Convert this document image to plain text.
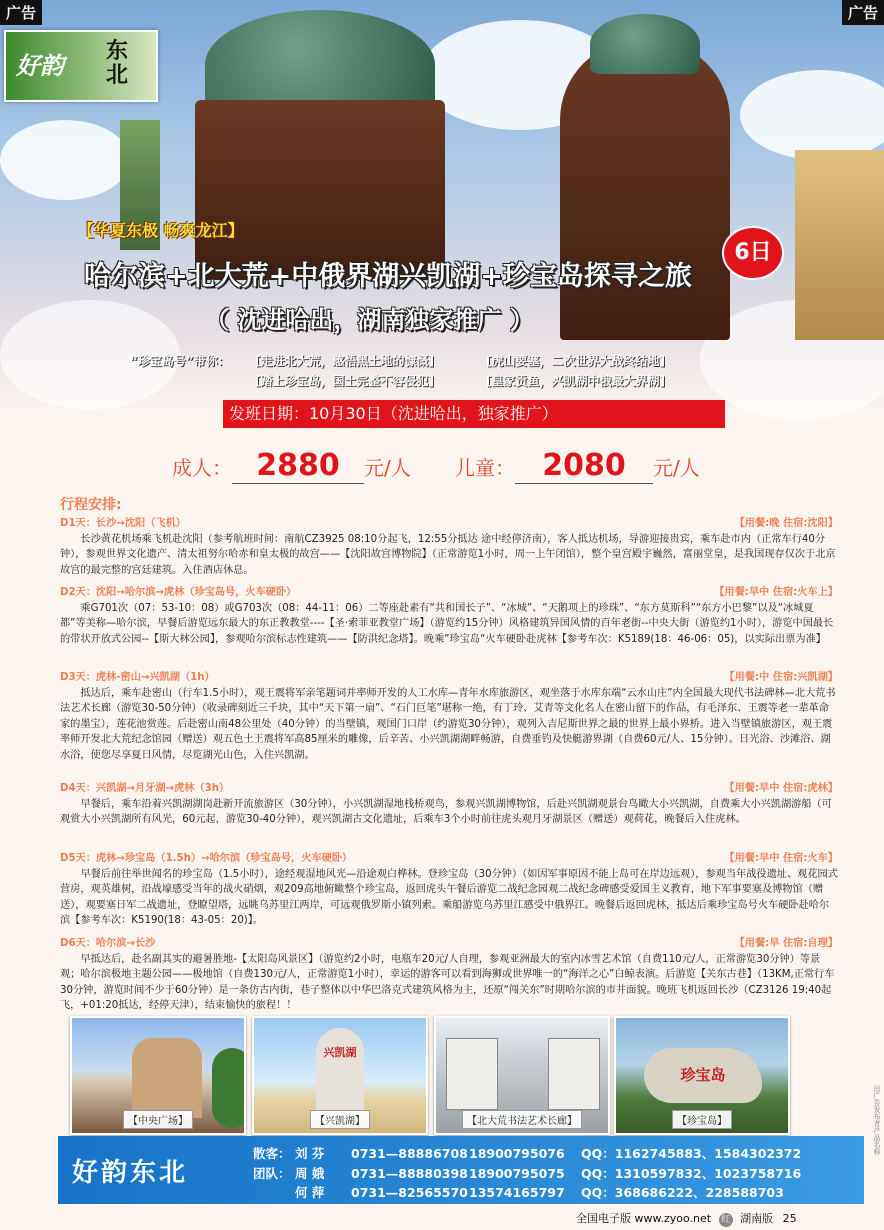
广告	广告
好韵
东北
【华夏东极 畅爽龙江】
哈尔滨+北大荒+中俄界湖兴凯湖+珍宝岛探寻之旅
（ 沈进哈出，湖南独家推广 ）
6日
“珍宝岛号”带你： [走进北大荒，感悟黑土地的慷慨]	[虎山要塞，二次世界大战终结地]
[踏上珍宝岛，国土完整不容侵犯]	[皇家贡鱼，兴凯湖中俄最大界湖]
发班日期：10月30日（沈进哈出，独家推广）
成人： 2880 元/人 儿童： 2080 元/人
行程安排:
D1天：长沙→沈阳（飞机）	【用餐:晚 住宿:沈阳】
长沙黄花机场乘飞机赴沈阳（参考航班时间：南航CZ3925 08:10分起飞，12:55分抵达 途中经停济南），客人抵达机场，导游迎接贵宾，乘车赴市内（正常车行40分钟），参观世界文化遗产、清太祖努尔哈赤和皇太极的故宫——【沈阳故宫博物院】（正常游览1小时，周一上午闭馆），整个皇宫殿宇巍然，富丽堂皇，是我国现存仅次于北京故宫的最完整的宫廷建筑。入住酒店休息。
D2天：沈阳→哈尔滨→虎林（珍宝岛号，火车硬卧）	【用餐:早中 住宿:火车上】
乘G701次（07：53-10：08）或G703次（08：44-11：06）二等座赴素有“共和国长子”、“冰城”、“天鹅项上的珍珠”、“东方莫斯科”“东方小巴黎”以及“冰城夏都”等美称—哈尔滨，早餐后游览远东最大的东正教教堂----【圣·索菲亚教堂广场】（游览约15分钟）风格建筑异国风情的百年老街--中央大街（游览约1小时），游览中国最长的带状开放式公园--【斯大林公园】，参观哈尔滨标志性建筑——【防洪纪念塔】。晚乘”珍宝岛“火车硬卧赴虎林【参考车次：K5189(18：46-06：05)，以实际出票为准】
D3天：虎林-密山→兴凯湖（1h）	【用餐:中 住宿:兴凯湖】
抵达后，乘车赴密山（行车1.5小时），观王震将军亲笔题词并率师开发的人工水库—青年水库旅游区，观坐落于水库东端“云水山庄”内全国最大现代书法碑林—北大荒书法艺术长廊（游览30-50分钟）（收录碑刻近三千块，其中“天下第一扇”、“石门巨笔”堪称一绝，有丁玲、艾青等文化名人在密山留下的作品，有毛泽东、王震等老一辈革命家的墨宝），莲花池赏莲。后赴密山南48公里处（40分钟）的当壁镇，观国门口岸（约游览30分钟），观列入吉尼斯世界之最的世界上最小界桥。进入当壁镇旅游区，观王震率师开发北大荒纪念馆园（赠送）观五色土王震将军高85厘米的雕像，后辛苦、小兴凯湖湖畔畅游，自费垂钓及快艇游界湖（自费60元/人、15分钟）。日光浴、沙滩浴、湖水浴，使您尽享夏日风情，尽览湖光山色，入住兴凯湖。
D4天：兴凯湖→月牙湖→虎林（3h）	【用餐:早中 住宿:虎林】
早餐后，乘车沿着兴凯湖湖岗赴新开流旅游区（30分钟），小兴凯湖湿地栈桥观鸟，参观兴凯湖博物馆，后赴兴凯湖观景台鸟瞰大小兴凯湖，自费乘大小兴凯湖游船（可观赏大小兴凯湖所有风光，60元起，游览30-40分钟），观兴凯湖古文化遗址，后乘车3个小时前往虎头观月牙湖景区（赠送）观荷花，晚餐后入住虎林。
D5天：虎林→珍宝岛（1.5h）→哈尔滨（珍宝岛号，火车硬卧）	【用餐:早中 住宿:火车】
早餐后前往举世闻名的珍宝岛（1.5小时），途经观湿地风光—沿途观白桦林。登珍宝岛（30分钟）（如因军事原因不能上岛可在岸边远观），参观当年战役遗址、观花园式营房，观英雄树，沿战壕感受当年的战火硝烟，观209高地俯瞰整个珍宝岛，返回虎头午餐后游览二战纪念园观二战纪念碑感受爱国主义教育，地下军事要塞及博物馆（赠送），观要塞日军二战遗址，登瞭望塔，远眺乌苏里江两岸，可远观俄罗斯小镇列索。乘船游览乌苏里江感受中俄界江。晚餐后返回虎林，抵达后乘珍宝岛号火车硬卧赴哈尔滨【参考车次：K5190(18：43-05：20)】。
D6天：哈尔滨→长沙	【用餐:早 住宿:自理】
早抵达后，赴名副其实的避暑胜地-【太阳岛风景区】（游览约2小时，电瓶车20元/人自理，参观亚洲最大的室内冰雪艺术馆（自费110元/人，正常游览30分钟）等景观；哈尔滨极地主题公园——极地馆（自费130元/人，正常游览1小时），幸运的游客可以看到海狮或世界唯一的“海洋之心”白鲸表演。后游览【关东古巷】（13KM,正常行车30分钟，游览时间不少于60分钟）是一条仿古内街，巷子整体以中华巴洛克式建筑风格为主，还原“闯关东”时期哈尔滨的市井面貌。晚班飞机返回长沙（CZ3126 19:40起飞，+01:20抵达，经停天津），结束愉快的旅程！！
【中央广场】
兴凯湖
【兴凯湖】	【北大荒书法艺术长廊】
珍宝岛
【珍宝岛】
好韵东北
散客： 刘 芬 0731—8888670818900795076 QQ：1162745883、1584302372
团队： 周 娥 0731—8888039818900795075 QQ：1310597832、1023758716
何 萍 0731—8256557013574165797 QQ：368686222、228588703
出广告发布者产品名称
全国电子版 www.zyoo.net 红 湖南版 25
